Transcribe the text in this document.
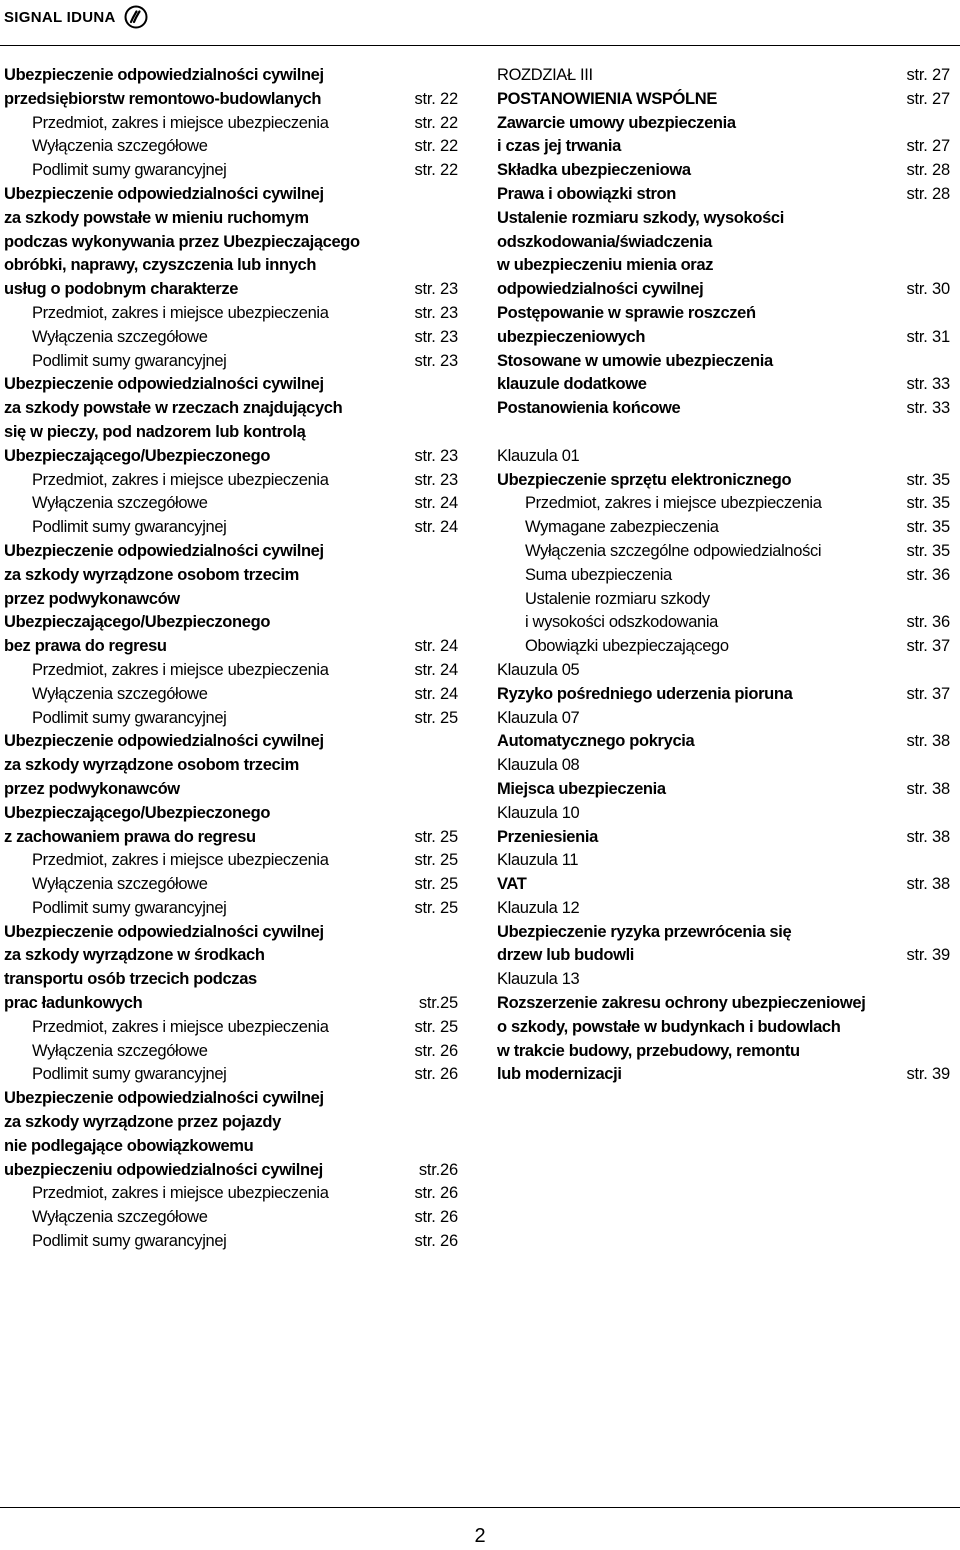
SIGNAL IDUNA
Ubezpieczenie odpowiedzialności cywilnej
przedsiębiorstw remontowo-budowlanych	str. 22
Przedmiot, zakres i miejsce ubezpieczenia	str. 22
Wyłączenia szczegółowe	str. 22
Podlimit sumy gwarancyjnej	str. 22
Ubezpieczenie odpowiedzialności cywilnej
za szkody powstałe w mieniu ruchomym
podczas wykonywania przez Ubezpieczającego
obróbki, naprawy, czyszczenia lub innych
usług o podobnym charakterze	str. 23
Przedmiot, zakres i miejsce ubezpieczenia	str. 23
Wyłączenia szczegółowe	str. 23
Podlimit sumy gwarancyjnej	str. 23
Ubezpieczenie odpowiedzialności cywilnej
za szkody powstałe w rzeczach znajdujących
się w pieczy, pod nadzorem lub kontrolą
Ubezpieczającego/Ubezpieczonego	str. 23
Przedmiot, zakres i miejsce ubezpieczenia	str. 23
Wyłączenia szczegółowe	str. 24
Podlimit sumy gwarancyjnej	str. 24
Ubezpieczenie odpowiedzialności cywilnej
za szkody wyrządzone osobom trzecim
przez podwykonawców
Ubezpieczającego/Ubezpieczonego
bez prawa do regresu	str. 24
Przedmiot, zakres i miejsce ubezpieczenia	str. 24
Wyłączenia szczegółowe	str. 24
Podlimit sumy gwarancyjnej	str. 25
Ubezpieczenie odpowiedzialności cywilnej
za szkody wyrządzone osobom trzecim
przez podwykonawców
Ubezpieczającego/Ubezpieczonego
z zachowaniem prawa do regresu	str. 25
Przedmiot, zakres i miejsce ubezpieczenia	str. 25
Wyłączenia szczegółowe	str. 25
Podlimit sumy gwarancyjnej	str. 25
Ubezpieczenie odpowiedzialności cywilnej
za szkody wyrządzone w środkach
transportu osób trzecich podczas
prac ładunkowych	str.25
Przedmiot, zakres i miejsce ubezpieczenia	str. 25
Wyłączenia szczegółowe	str. 26
Podlimit sumy gwarancyjnej	str. 26
Ubezpieczenie odpowiedzialności cywilnej
za szkody wyrządzone przez pojazdy
nie podlegające obowiązkowemu
ubezpieczeniu odpowiedzialności cywilnej	str.26
Przedmiot, zakres i miejsce ubezpieczenia	str. 26
Wyłączenia szczegółowe	str. 26
Podlimit sumy gwarancyjnej	str. 26
ROZDZIAŁ III	str. 27
POSTANOWIENIA WSPÓLNE	str. 27
Zawarcie umowy ubezpieczenia
i czas jej trwania	str. 27
Składka ubezpieczeniowa	str. 28
Prawa i obowiązki stron	str. 28
Ustalenie rozmiaru szkody, wysokości
odszkodowania/świadczenia
w ubezpieczeniu mienia oraz
odpowiedzialności cywilnej	str. 30
Postępowanie w sprawie roszczeń
ubezpieczeniowych	str. 31
Stosowane w umowie ubezpieczenia
klauzule dodatkowe	str. 33
Postanowienia końcowe	str. 33
Klauzula 01
Ubezpieczenie sprzętu elektronicznego	str. 35
Przedmiot, zakres i miejsce ubezpieczenia	str. 35
Wymagane zabezpieczenia	str. 35
Wyłączenia szczególne odpowiedzialności	str. 35
Suma ubezpieczenia	str. 36
Ustalenie rozmiaru szkody
i wysokości odszkodowania	str. 36
Obowiązki ubezpieczającego	str. 37
Klauzula 05
Ryzyko pośredniego uderzenia pioruna	str. 37
Klauzula 07
Automatycznego pokrycia	str. 38
Klauzula 08
Miejsca ubezpieczenia	str. 38
Klauzula 10
Przeniesienia	str. 38
Klauzula 11
VAT	str. 38
Klauzula 12
Ubezpieczenie ryzyka przewrócenia się
drzew lub budowli	str. 39
Klauzula 13
Rozszerzenie zakresu ochrony ubezpieczeniowej
o szkody, powstałe w budynkach i budowlach
w trakcie budowy, przebudowy, remontu
lub modernizacji	str. 39
2
